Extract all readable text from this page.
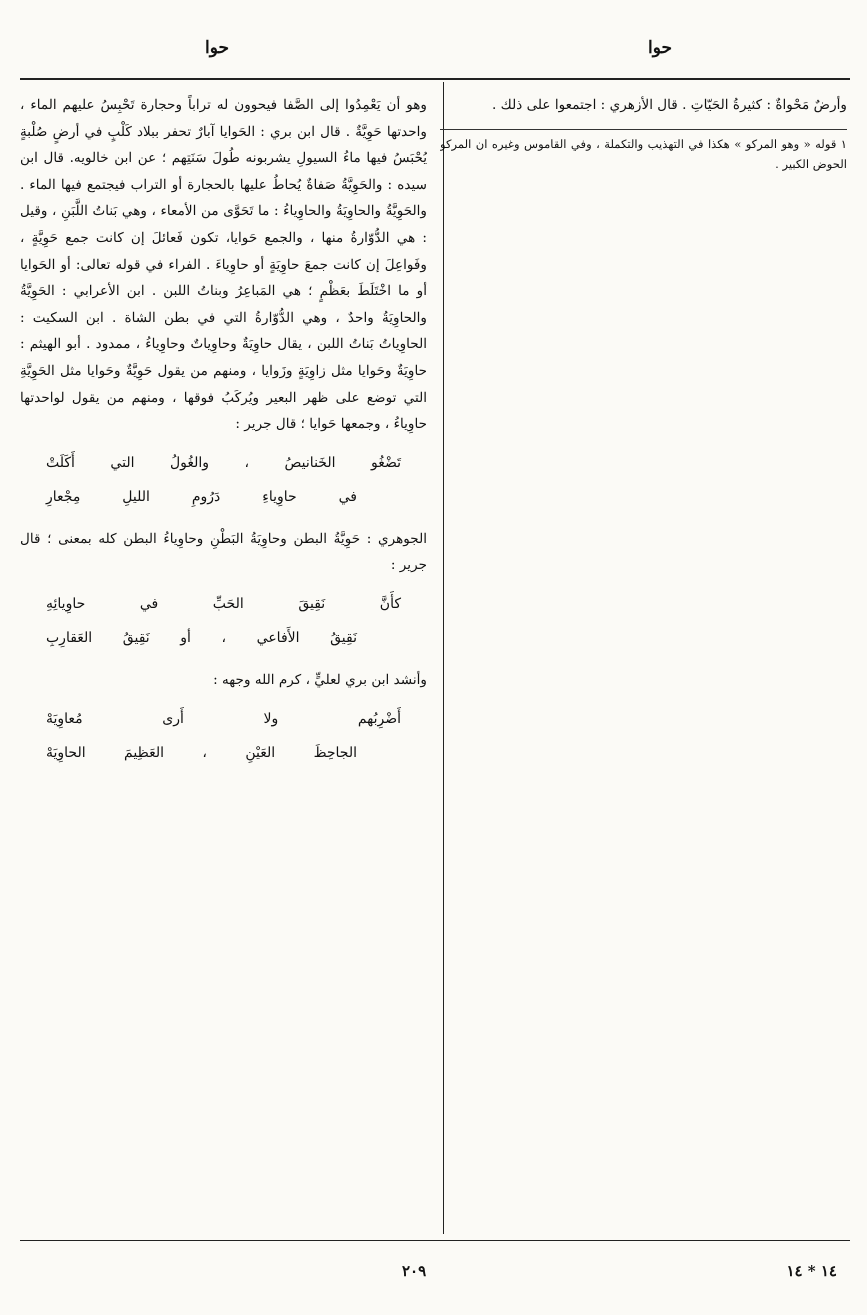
حوا
حوا

وأرضٌ مَحْواةٌ : كثيرةُ الحَيّاتِ . قال الأزهري : اجتمعوا على ذلك .

١ قوله « وهو المركو » هكذا في التهذيب والتكملة ، وفي القاموس وغيره ان المركو الحوض الكبير .

وهو أن يَعْمِدُوا إلى الصَّفا فيحوون له تراباً وحجارة تَحْبِسُ عليهم الماء ، واحدتها حَوِيَّةٌ . قال ابن بري : الحَوايا آبارٌ تحفر ببلاد كَلْبٍ في أرضٍ صُلْبةٍ يُحْبَسُ فيها ماءُ السيولِ يشربونه طُولَ سَنَتِهم ؛ عن ابن خالويه. قال ابن سيده : والحَوِيَّةُ صَفاةٌ يُحاطُ عليها بالحجارة أو التراب فيجتمع فيها الماء . والحَوِيَّةُ والحاوِيَةُ والحاوِياءُ : ما تَحَوَّى من الأمعاء ، وهي بَناتُ اللَّبَنِ ، وقيل : هي الدُّوّارةُ منها ، والجمع حَوايا، تكون فَعائلَ إن كانت جمع حَوِيَّةٍ ، وفَواعِلَ إن كانت جمعَ حاوِيَةٍ أو حاوِياءَ . الفراء في قوله تعالى: أو الحَوايا أو ما اخْتَلَطَ بعَظْمٍ ؛ هي المَباعِرُ وبناتُ اللبن . ابن الأعرابي : الحَوِيَّةُ والحاوِيَةُ واحدٌ ، وهي الدُّوّارةُ التي في بطن الشاة . ابن السكيت : الحاوِياتُ بَناتُ اللبن ، يقال حاوِيَةٌ وحاوِياتٌ وحاوِياءُ ، ممدود . أبو الهيثم : حاوِيَةٌ وحَوايا مثل زاوِيَةٍ وزَوايا ، ومنهم من يقول حَوِيَّةٌ وحَوايا مثل الحَوِيَّةِ التي توضع على ظهر البعير ويُركَبُ فوقها ، ومنهم من يقول لواحدتها حاوِياءُ ، وجمعها حَوايا ؛ قال جرير :

تَضْغُو الخَنانيصُ ، والغُولُ التي أَكَلَتْ
في حاوِياءِ دَرُومِ الليلِ مِجْعارِ

الجوهري : حَوِيَّةُ البطن وحاوِيَةُ البَطْنِ وحاوِياءُ البطن كله بمعنى ؛ قال جرير :

كأَنَّ نَقِيقَ الحَبِّ في حاوِيائِهِ
نَقِيقُ الأَفاعي ، أو نَقِيقُ العَقارِبِ

وأنشد ابن بري لعليٍّ ، كرم الله وجهه :

أَضْرِبُهم ولا أَرى مُعاوِيَهْ
الجاحِظَ العَيْنِ ، العَظِيمَ الحاوِيَهْ
٢٠٩	١٤ * ١٤
